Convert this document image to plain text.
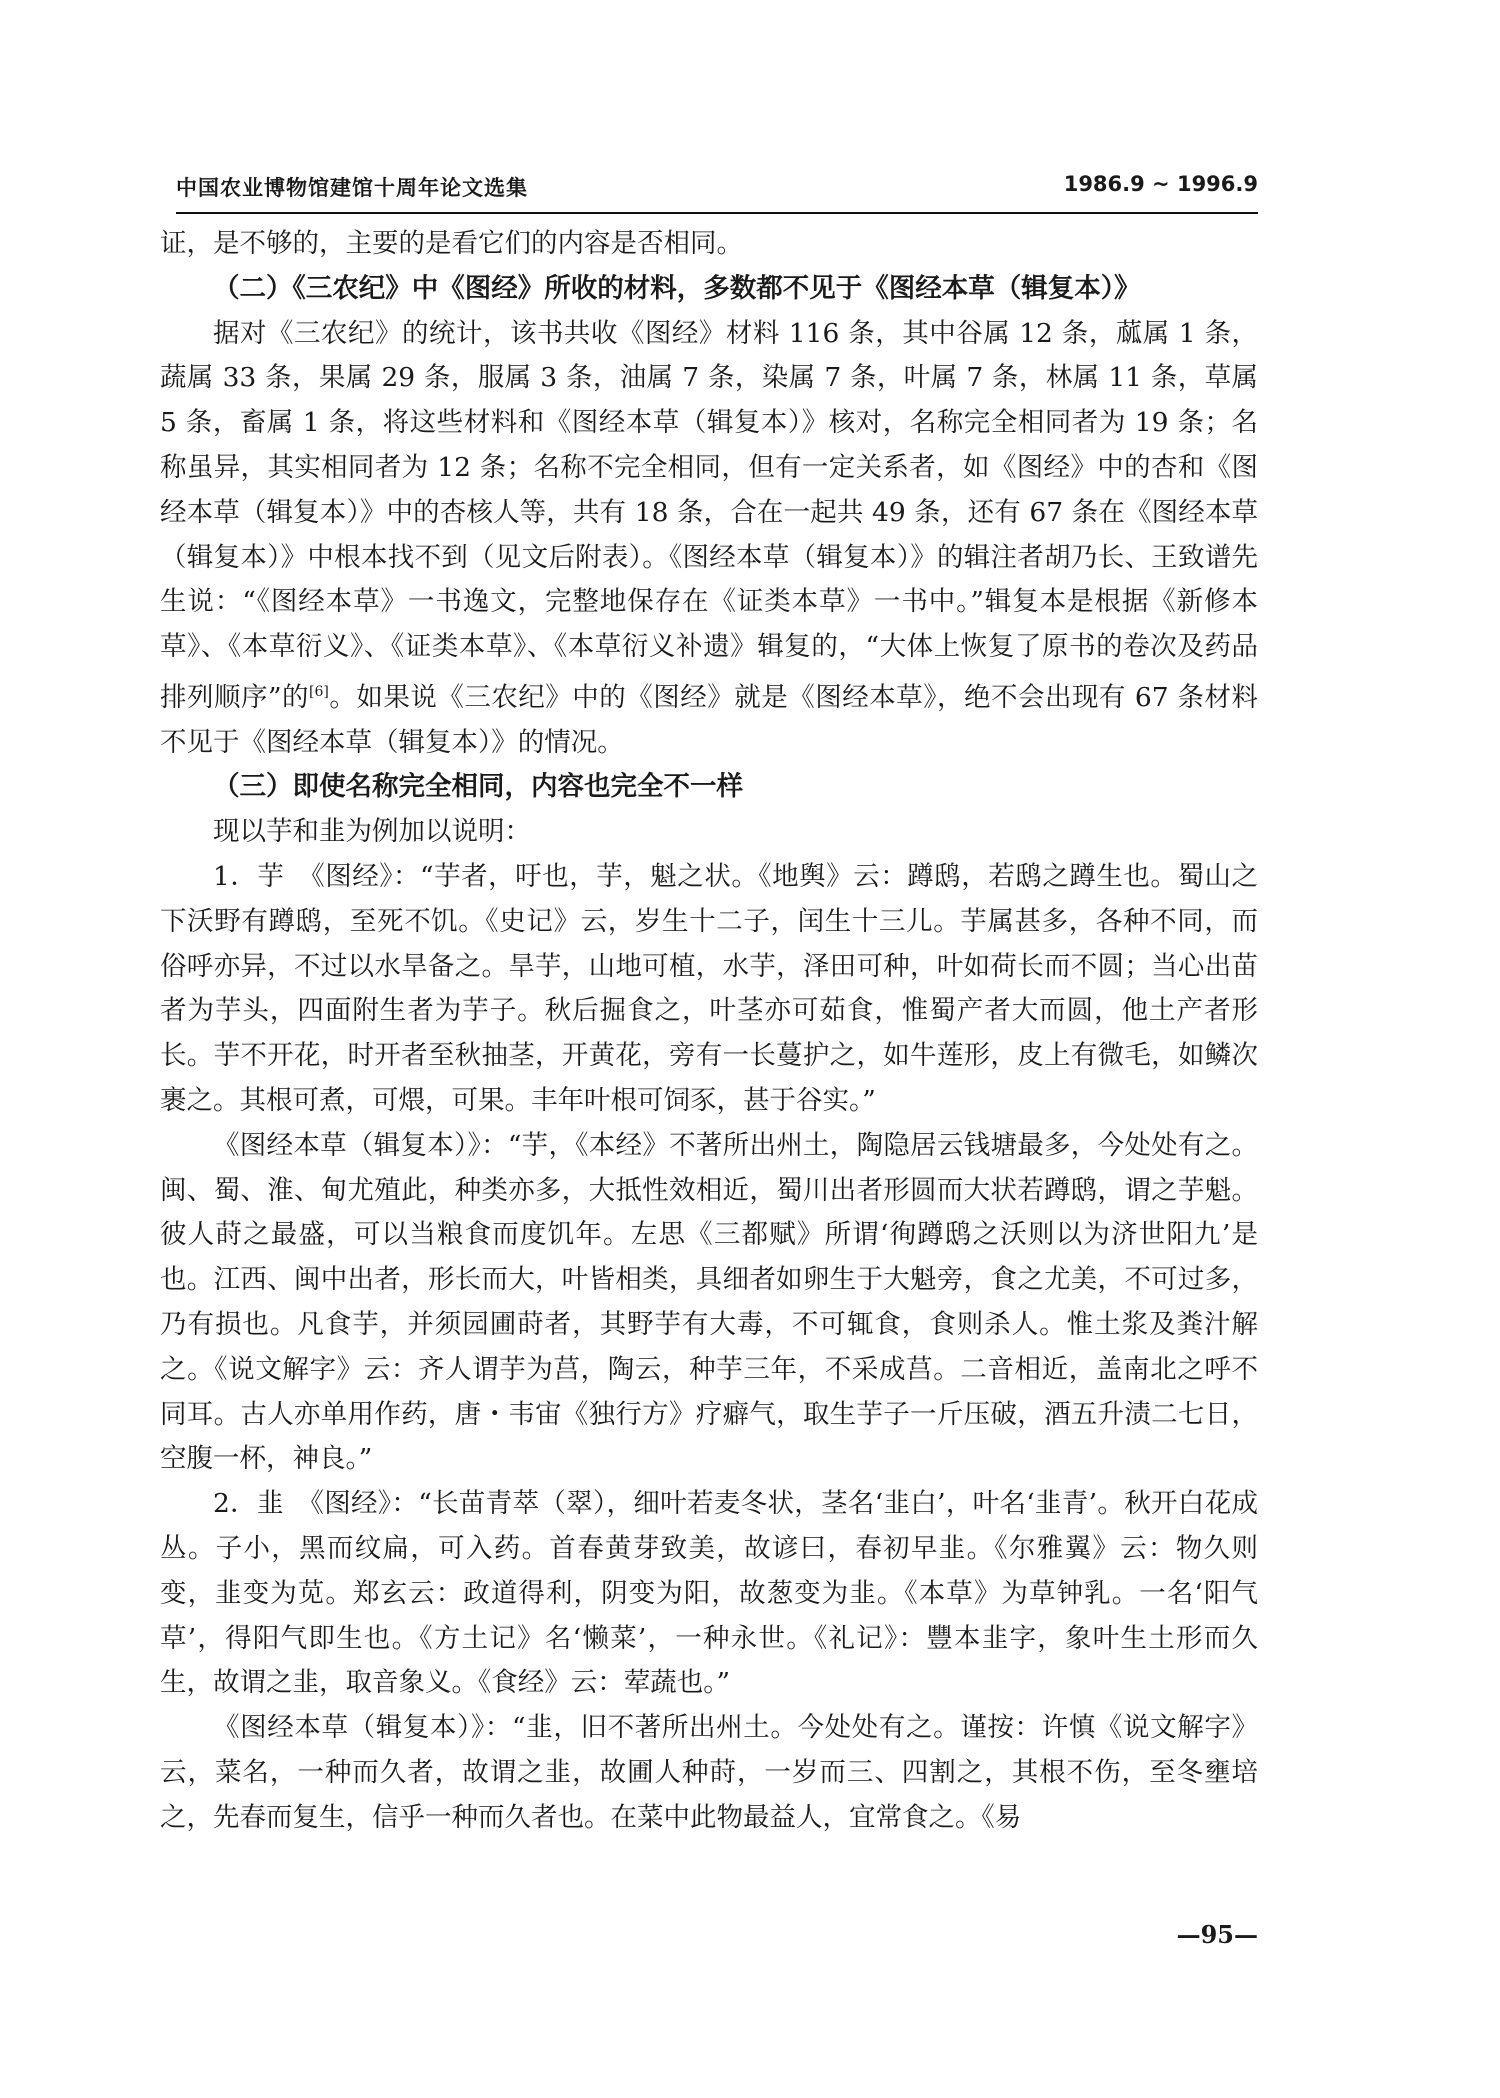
中国农业博物馆建馆十周年论文选集	1986.9 ~ 1996.9

证，是不够的，主要的是看它们的内容是否相同。

（二）《三农纪》中《图经》所收的材料，多数都不见于《图经本草（辑复本）》

据对《三农纪》的统计，该书共收《图经》材料 116 条，其中谷属 12 条，蓏属 1 条，蔬属 33 条，果属 29 条，服属 3 条，油属 7 条，染属 7 条，叶属 7 条，林属 11 条，草属 5 条，畜属 1 条，将这些材料和《图经本草（辑复本）》核对，名称完全相同者为 19 条；名称虽异，其实相同者为 12 条；名称不完全相同，但有一定关系者，如《图经》中的杏和《图经本草（辑复本）》中的杏核人等，共有 18 条，合在一起共 49 条，还有 67 条在《图经本草（辑复本）》中根本找不到（见文后附表）。《图经本草（辑复本）》的辑注者胡乃长、王致谱先生说：“《图经本草》一书逸文，完整地保存在《证类本草》一书中。”辑复本是根据《新修本草》、《本草衍义》、《证类本草》、《本草衍义补遗》辑复的，“大体上恢复了原书的卷次及药品排列顺序”的[6]。如果说《三农纪》中的《图经》就是《图经本草》，绝不会出现有 67 条材料不见于《图经本草（辑复本）》的情况。

（三）即使名称完全相同，内容也完全不一样

现以芋和韭为例加以说明：

1．芋　《图经》：“芋者，吁也，芋，魁之状。《地舆》云：蹲鸱，若鸱之蹲生也。蜀山之下沃野有蹲鸱，至死不饥。《史记》云，岁生十二子，闰生十三儿。芋属甚多，各种不同，而俗呼亦异，不过以水旱备之。旱芋，山地可植，水芋，泽田可种，叶如荷长而不圆；当心出苗者为芋头，四面附生者为芋子。秋后掘食之，叶茎亦可茹食，惟蜀产者大而圆，他土产者形长。芋不开花，时开者至秋抽茎，开黄花，旁有一长蔓护之，如牛莲形，皮上有微毛，如鳞次裹之。其根可煮，可煨，可果。丰年叶根可饲豕，甚于谷实。”

《图经本草（辑复本）》：“芋，《本经》不著所出州土，陶隐居云钱塘最多，今处处有之。闽、蜀、淮、甸尤殖此，种类亦多，大抵性效相近，蜀川出者形圆而大状若蹲鸱，谓之芋魁。彼人莳之最盛，可以当粮食而度饥年。左思《三都赋》所谓‘徇蹲鸱之沃则以为济世阳九’是也。江西、闽中出者，形长而大，叶皆相类，具细者如卵生于大魁旁，食之尤美，不可过多，乃有损也。凡食芋，并须园圃莳者，其野芋有大毒，不可辄食，食则杀人。惟土浆及粪汁解之。《说文解字》云：齐人谓芋为莒，陶云，种芋三年，不采成莒。二音相近，盖南北之呼不同耳。古人亦单用作药，唐・韦宙《独行方》疗癖气，取生芋子一斤压破，酒五升渍二七日，空腹一杯，神良。”

2．韭　《图经》：“长苗青萃（翠），细叶若麦冬状，茎名‘韭白’，叶名‘韭青’。秋开白花成丛。子小，黑而纹扁，可入药。首春黄芽致美，故谚曰，春初早韭。《尔雅翼》云：物久则变，韭变为苋。郑玄云：政道得利，阴变为阳，故葱变为韭。《本草》为草钟乳。一名‘阳气草’，得阳气即生也。《方土记》名‘懒菜’，一种永世。《礼记》：豐本韭字，象叶生土形而久生，故谓之韭，取音象义。《食经》云：荤蔬也。”

《图经本草（辑复本）》：“韭，旧不著所出州土。今处处有之。谨按：许慎《说文解字》云，菜名，一种而久者，故谓之韭，故圃人种莳，一岁而三、四割之，其根不伤，至冬壅培之，先春而复生，信乎一种而久者也。在菜中此物最益人，宜常食之。《易

—95—
